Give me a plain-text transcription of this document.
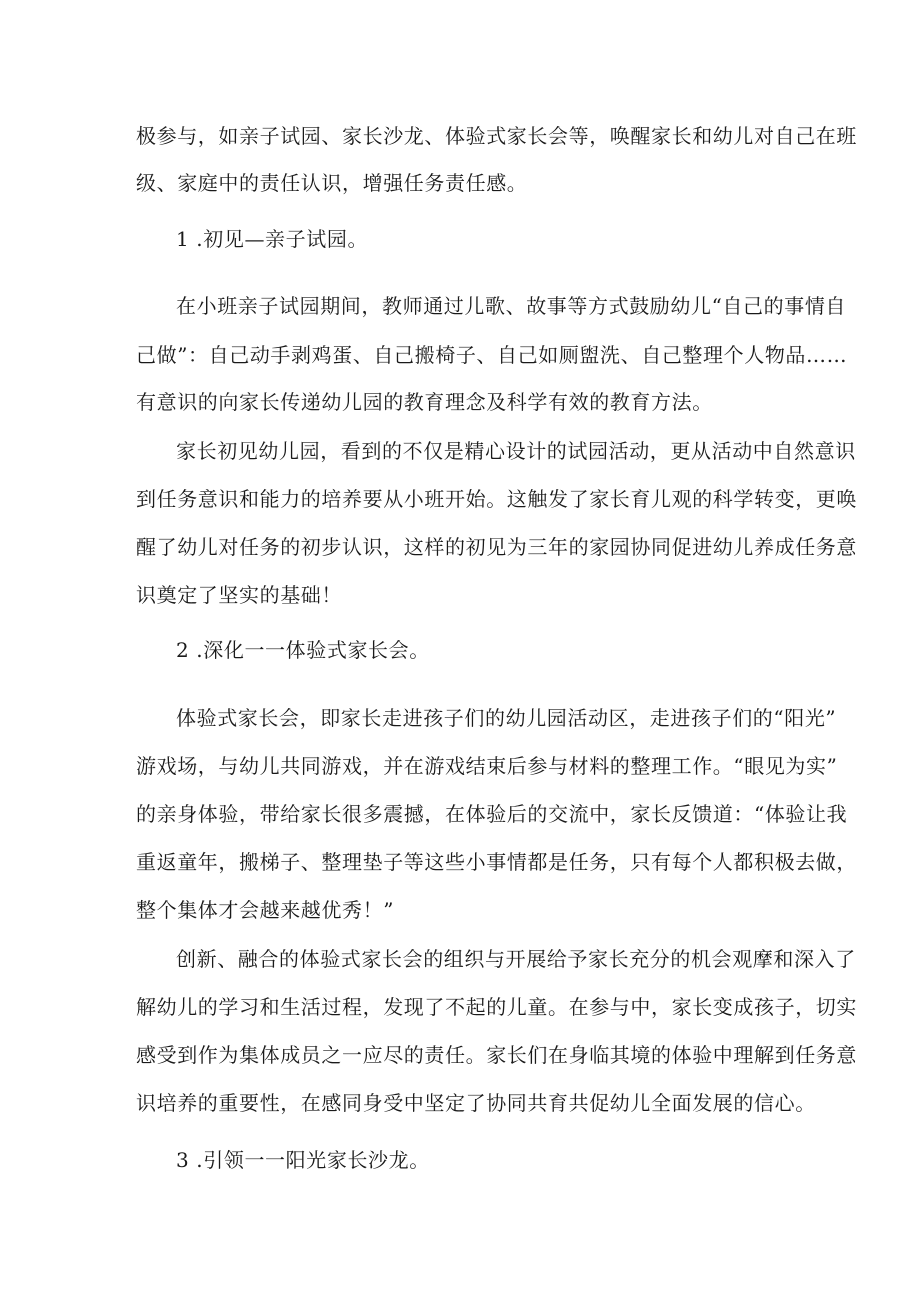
极参与，如亲子试园、家长沙龙、体验式家长会等，唤醒家长和幼儿对自己在班
级、家庭中的责任认识，增强任务责任感。
1 .初见—亲子试园。
在小班亲子试园期间，教师通过儿歌、故事等方式鼓励幼儿“自己的事情自
己做”：自己动手剥鸡蛋、自己搬椅子、自己如厕盥洗、自己整理个人物品……
有意识的向家长传递幼儿园的教育理念及科学有效的教育方法。
家长初见幼儿园，看到的不仅是精心设计的试园活动，更从活动中自然意识
到任务意识和能力的培养要从小班开始。这触发了家长育儿观的科学转变，更唤
醒了幼儿对任务的初步认识，这样的初见为三年的家园协同促进幼儿养成任务意
识奠定了坚实的基础！
2 .深化一一体验式家长会。
体验式家长会，即家长走进孩子们的幼儿园活动区，走进孩子们的“阳光”
游戏场，与幼儿共同游戏，并在游戏结束后参与材料的整理工作。“眼见为实”
的亲身体验，带给家长很多震撼，在体验后的交流中，家长反馈道：“体验让我
重返童年，搬梯子、整理垫子等这些小事情都是任务，只有每个人都积极去做，
整个集体才会越来越优秀！”
创新、融合的体验式家长会的组织与开展给予家长充分的机会观摩和深入了
解幼儿的学习和生活过程，发现了不起的儿童。在参与中，家长变成孩子，切实
感受到作为集体成员之一应尽的责任。家长们在身临其境的体验中理解到任务意
识培养的重要性，在感同身受中坚定了协同共育共促幼儿全面发展的信心。
3 .引领一一阳光家长沙龙。
